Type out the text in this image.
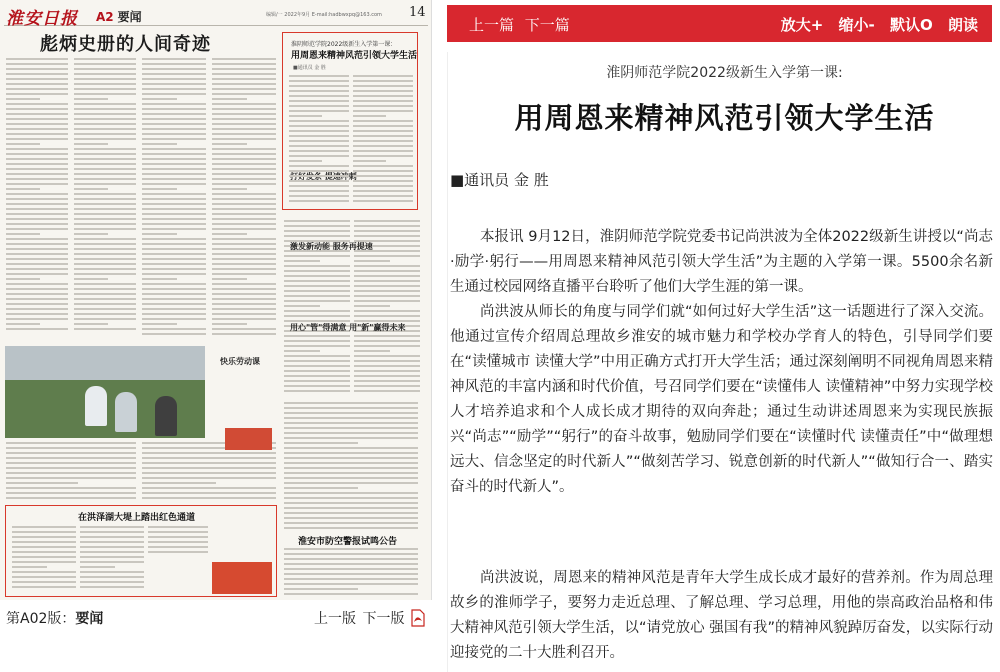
淮安日报 A2 要闻	编辑/一 2022年9月 E-mail:hadbwxpq@163.com 14
彪炳史册的人间奇迹
激发新动能 服务再提速
用心"管"得满意 用"新"赢得未来
快乐劳动课
淮阴师范学院2022级新生入学第一课：
用周恩来精神风范引领大学生活
■通讯员 金 胜
在洪泽湖大堤上踏出红色通道
淮安市防空警报试鸣公告
第A02版：要闻	上一版 下一版
上一篇 下一篇	放大+ 缩小- 默认O 朗读
淮阴师范学院2022级新生入学第一课:
用周恩来精神风范引领大学生活
■通讯员 金 胜

本报讯 9月12日，淮阴师范学院党委书记尚洪波为全体2022级新生讲授以“尚志·励学·躬行——用周恩来精神风范引领大学生活”为主题的入学第一课。5500余名新生通过校园网络直播平台聆听了他们大学生涯的第一课。

尚洪波从师长的角度与同学们就“如何过好大学生活”这一话题进行了深入交流。他通过宣传介绍周总理故乡淮安的城市魅力和学校办学育人的特色，引导同学们要在“读懂城市 读懂大学”中用正确方式打开大学生活；通过深刻阐明不同视角周恩来精神风范的丰富内涵和时代价值，号召同学们要在“读懂伟人 读懂精神”中努力实现学校人才培养追求和个人成长成才期待的双向奔赴；通过生动讲述周恩来为实现民族振兴“尚志”“励学”“躬行”的奋斗故事，勉励同学们要在“读懂时代 读懂责任”中“做理想远大、信念坚定的时代新人”“做刻苦学习、锐意创新的时代新人”“做知行合一、踏实奋斗的时代新人”。

尚洪波说，周恩来的精神风范是青年大学生成长成才最好的营养剂。作为周总理故乡的淮师学子，要努力走近总理、了解总理、学习总理，用他的崇高政治品格和伟大精神风范引领大学生活，以“请党放心 强国有我”的精神风貌踔厉奋发，以实际行动迎接党的二十大胜利召开。
